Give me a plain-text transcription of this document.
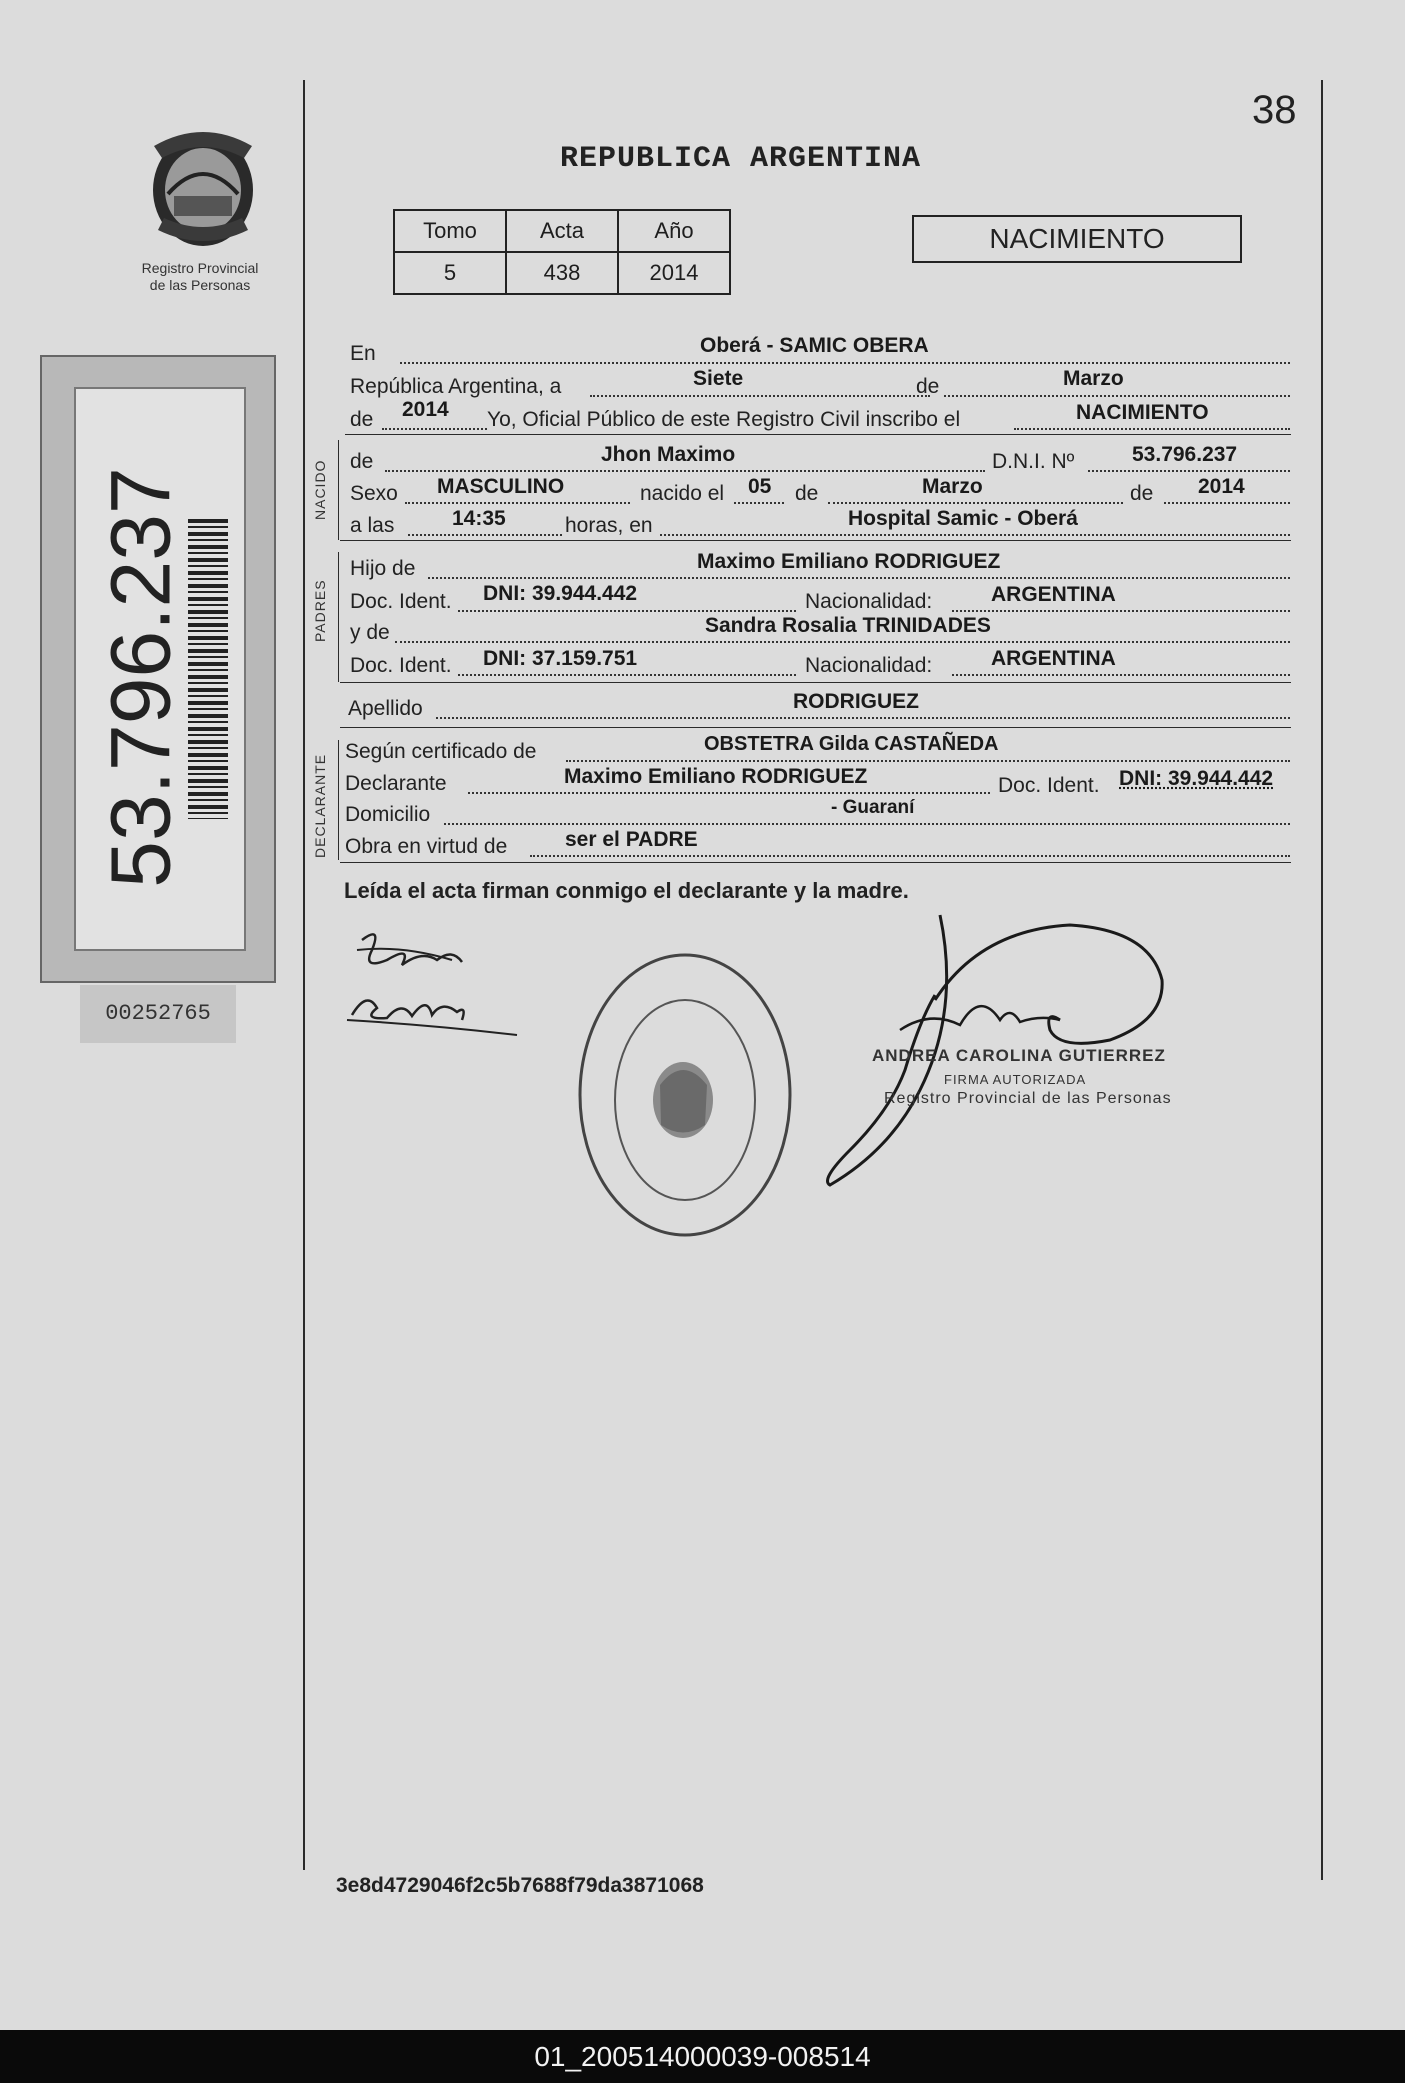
38
REPUBLICA ARGENTINA
Registro Provincial
de las Personas
Tomo	Acta	Año
5	438	2014
NACIMIENTO
53.796.237
00252765
NACIDO
PADRES
DECLARANTE
En	Oberá - SAMIC OBERA
República Argentina, a	Siete	de	Marzo
de 2014 Yo, Oficial Público de este Registro Civil inscribo el	NACIMIENTO
de	Jhon Maximo	D.N.I. Nº	53.796.237
Sexo MASCULINO	nacido el 05 de	Marzo	de 2014
a las	14:35	horas, en	Hospital Samic - Oberá
Hijo de	Maximo Emiliano RODRIGUEZ
Doc. Ident. DNI: 39.944.442	Nacionalidad:	ARGENTINA
y de	Sandra Rosalia TRINIDADES
Doc. Ident. DNI: 37.159.751	Nacionalidad:	ARGENTINA
Apellido	RODRIGUEZ
Según certificado de	OBSTETRA Gilda CASTAÑEDA
Declarante	Maximo Emiliano RODRIGUEZ	Doc. Ident. DNI: 39.944.442
Domicilio	- Guaraní
Obra en virtud de	ser el PADRE
Leída el acta firman conmigo el declarante y la madre.
ANDREA CAROLINA GUTIERREZ
FIRMA AUTORIZADA
Registro Provincial de las Personas
3e8d4729046f2c5b7688f79da3871068
01_200514000039-008514
